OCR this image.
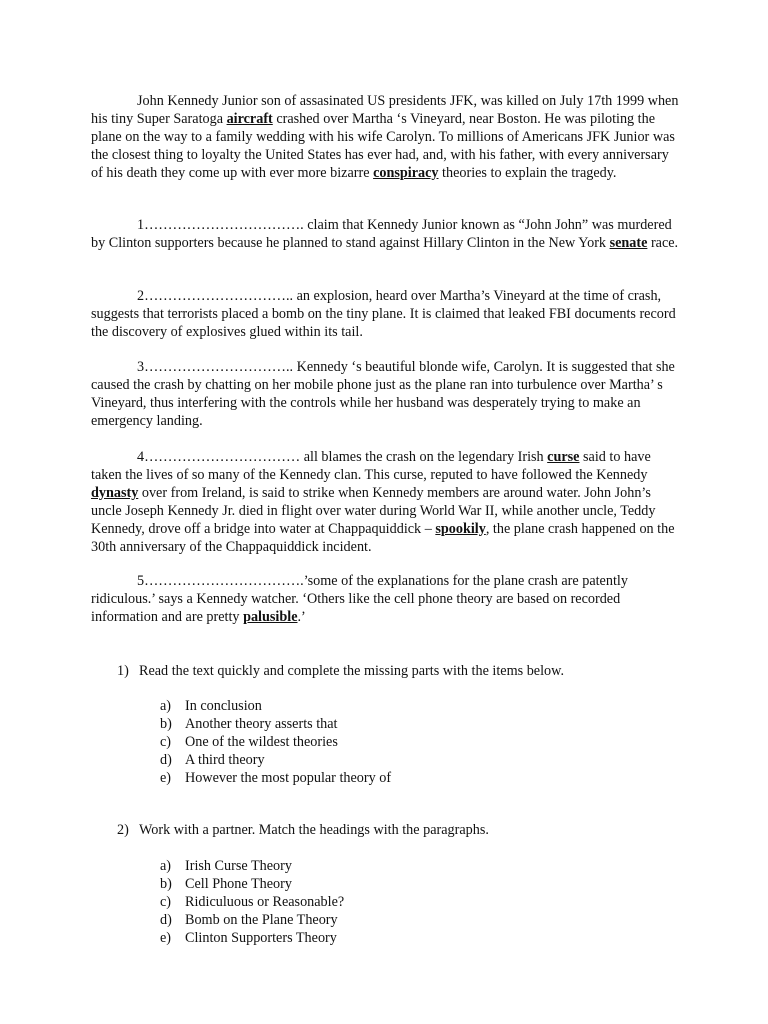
John Kennedy Junior son of assasinated US presidents JFK, was killed on July 17th 1999 when his tiny Super Saratoga aircraft crashed over Martha ‘s Vineyard, near Boston. He was piloting the plane on the way to a family wedding with his wife Carolyn. To millions of Americans JFK Junior was the closest thing to loyalty the United States has ever had, and, with his father, with every anniversary of his death they come up with ever more bizarre conspiracy theories to explain the tragedy.

1……………………………. claim that Kennedy Junior known as “John John” was murdered by Clinton supporters because he planned to stand against Hillary Clinton in the New York senate race.

2………………………….. an explosion, heard over Martha’s Vineyard at the time of crash, suggests that terrorists placed a bomb on the tiny plane. It is claimed that leaked FBI documents record the discovery of explosives glued within its tail.

3………………………….. Kennedy ‘s beautiful blonde wife, Carolyn. It is suggested that she caused the crash by chatting on her mobile phone just as the plane ran into turbulence over Martha’ s Vineyard, thus interfering with the controls while her husband was desperately trying to make an emergency landing.

4…………………………… all blames the crash on the legendary Irish curse said to have taken the lives of so many of the Kennedy clan. This curse, reputed to have followed the Kennedy dynasty over from Ireland, is said to strike when Kennedy members are around water. John John’s uncle Joseph Kennedy Jr. died in flight over water during World War II, while another uncle, Teddy Kennedy, drove off a bridge into water at Chappaquiddick – spookily, the plane crash happened on the 30th anniversary of the Chappaquiddick incident.

5…………………………….’some of the explanations for the plane crash are patently ridiculous.’ says a Kennedy watcher. ‘Others like the cell phone theory are based on recorded information and are pretty palusible.’

1) Read the text quickly and complete the missing parts with the items below.

a) In conclusion
b) Another theory asserts that
c) One of the wildest theories
d) A third theory
e) However the most popular theory of

2) Work with a partner. Match the headings with the paragraphs.

a) Irish Curse Theory
b) Cell Phone Theory
c) Ridiculuous or Reasonable?
d) Bomb on the Plane Theory
e) Clinton Supporters Theory
